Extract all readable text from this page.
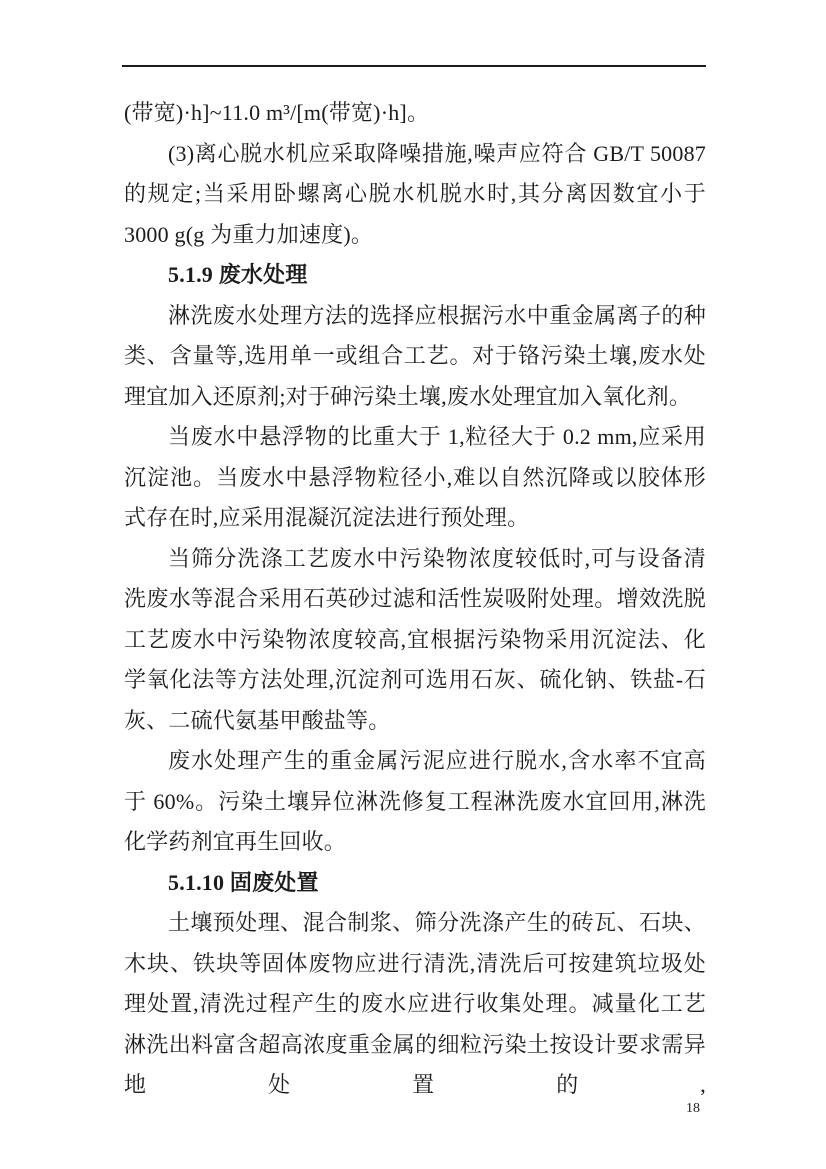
(带宽)·h]~11.0 m³/[m(带宽)·h]。

(3)离心脱水机应采取降噪措施,噪声应符合 GB/T 50087 的规定;当采用卧螺离心脱水机脱水时,其分离因数宜小于 3000 g(g 为重力加速度)。

5.1.9 废水处理

淋洗废水处理方法的选择应根据污水中重金属离子的种类、含量等,选用单一或组合工艺。对于铬污染土壤,废水处理宜加入还原剂;对于砷污染土壤,废水处理宜加入氧化剂。

当废水中悬浮物的比重大于 1,粒径大于 0.2 mm,应采用沉淀池。当废水中悬浮物粒径小,难以自然沉降或以胶体形式存在时,应采用混凝沉淀法进行预处理。

当筛分洗涤工艺废水中污染物浓度较低时,可与设备清洗废水等混合采用石英砂过滤和活性炭吸附处理。增效洗脱工艺废水中污染物浓度较高,宜根据污染物采用沉淀法、化学氧化法等方法处理,沉淀剂可选用石灰、硫化钠、铁盐-石灰、二硫代氨基甲酸盐等。

废水处理产生的重金属污泥应进行脱水,含水率不宜高于 60%。污染土壤异位淋洗修复工程淋洗废水宜回用,淋洗化学药剂宜再生回收。

5.1.10 固废处置

土壤预处理、混合制浆、筛分洗涤产生的砖瓦、石块、木块、铁块等固体废物应进行清洗,清洗后可按建筑垃圾处理处置,清洗过程产生的废水应进行收集处理。减量化工艺淋洗出料富含超高浓度重金属的细粒污染土按设计要求需异地处置的,

18
